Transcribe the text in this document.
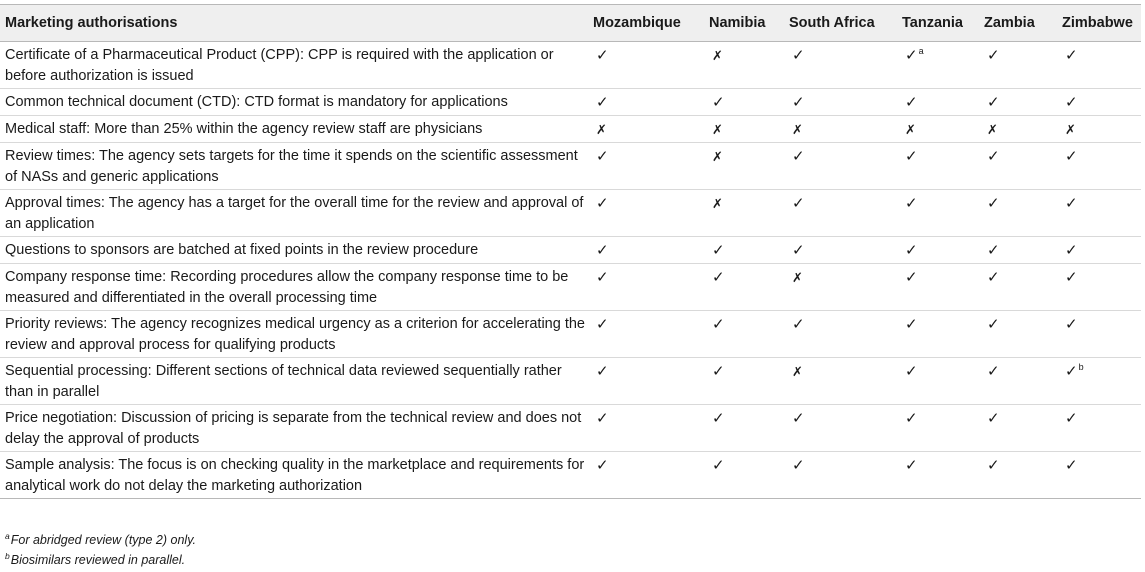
Marketing authorisations	Mozambique	Namibia	South Africa	Tanzania	Zambia	Zimbabwe
Certificate of a Pharmaceutical Product (CPP): CPP is required with the application or before authorization is issued	✓	✗	✓	✓$^a$	✓	✓
Common technical document (CTD): CTD format is mandatory for applications	✓	✓	✓	✓	✓	✓
Medical staff: More than 25% within the agency review staff are physicians	✗	✗	✗	✗	✗	✗
Review times: The agency sets targets for the time it spends on the scientific assessment of NASs and generic applications	✓	✗	✓	✓	✓	✓
Approval times: The agency has a target for the overall time for the review and approval of an application	✓	✗	✓	✓	✓	✓
Questions to sponsors are batched at fixed points in the review procedure	✓	✓	✓	✓	✓	✓
Company response time: Recording procedures allow the company response time to be measured and differentiated in the overall processing time	✓	✓	✗	✓	✓	✓
Priority reviews: The agency recognizes medical urgency as a criterion for accelerating the review and approval process for qualifying products	✓	✓	✓	✓	✓	✓
Sequential processing: Different sections of technical data reviewed sequentially rather than in parallel	✓	✓	✗	✓	✓	✓$^b$
Price negotiation: Discussion of pricing is separate from the technical review and does not delay the approval of products	✓	✓	✓	✓	✓	✓
Sample analysis: The focus is on checking quality in the marketplace and requirements for analytical work do not delay the marketing authorization	✓	✓	✓	✓	✓	✓
$^a$For abridged review (type 2) only.
$^b$Biosimilars reviewed in parallel.
